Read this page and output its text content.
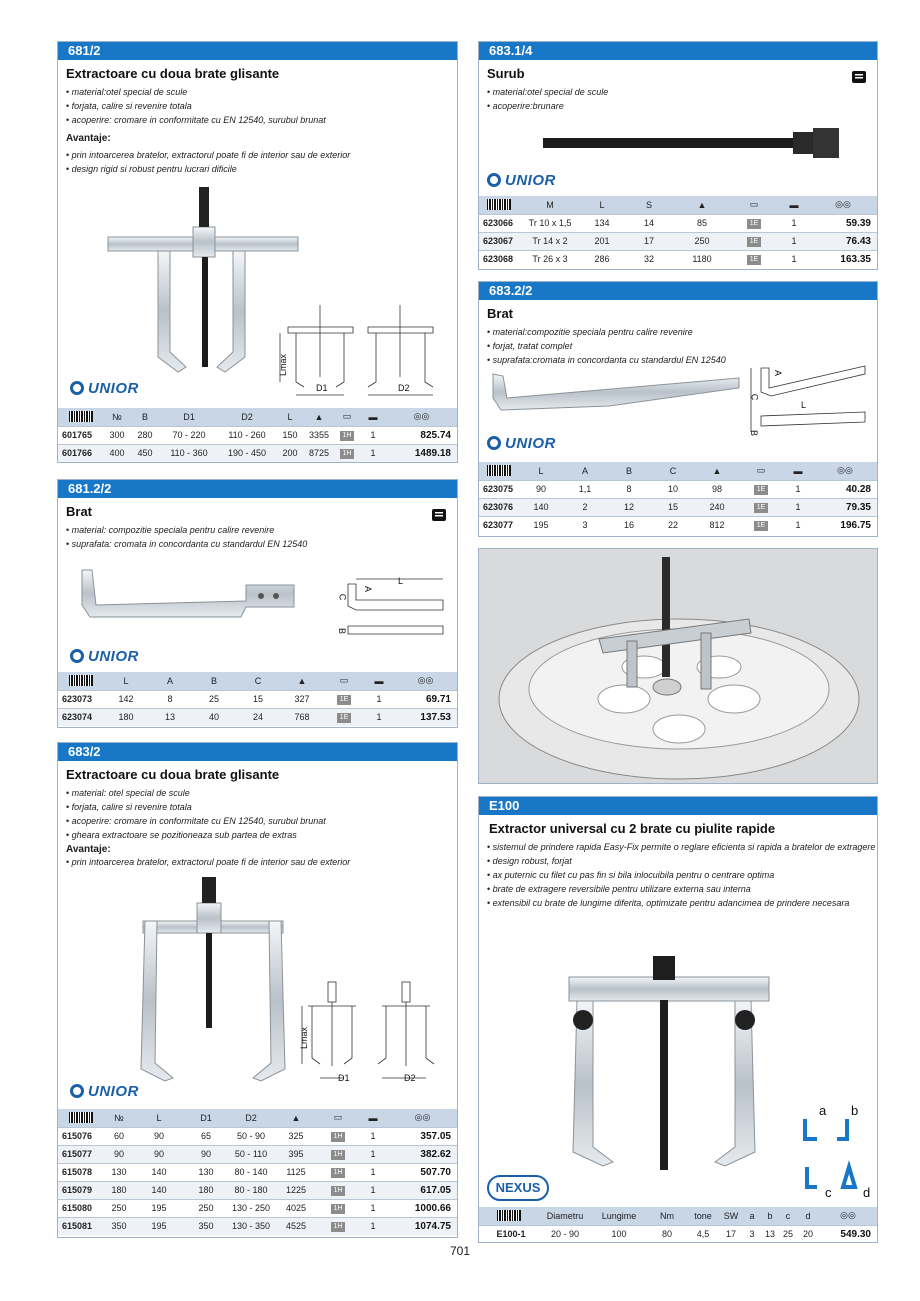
681/2
Extractoare cu doua brate glisante
• material:otel special de scule
• forjata, calire si revenire totala
• acoperire: cromare in conformitate cu EN 12540, surubul brunat
Avantaje:
• prin intoarcerea bratelor, extractorul poate fi de interior sau de exterior
• design rigid si robust pentru lucrari dificile
Lmax
D1	D2
UNIOR
	№	B	D1	D2	L	▲	▭	▬	◎◎
601765	300	280	70 - 220	110 - 260	150	3355	1H	1	825.74
601766	400	450	110 - 360	190 - 450	200	8725	1H	1	1489.18
681.2/2
Brat
• material: compozitie speciala pentru calire revenire
• suprafata: cromata in concordanta cu standardul EN 12540
L
A
C
B
UNIOR
	L	A	B	C	▲	▭	▬	◎◎
623073	142	8	25	15	327	1E	1	69.71
623074	180	13	40	24	768	1E	1	137.53
683/2
Extractoare cu doua brate glisante
• material: otel special de scule
• forjata, calire si revenire totala
• acoperire: cromare in conformitate cu EN 12540, surubul brunat
• gheara extractoare se pozitioneaza sub partea de extras
Avantaje:
• prin intoarcerea bratelor, extractorul poate fi de interior sau de exterior
Lmax
D1	D2
UNIOR
	№	L	D1	D2	▲	▭	▬	◎◎
615076	60	90	65	50 - 90	325	1H	1	357.05
615077	90	90	90	50 - 110	395	1H	1	382.62
615078	130	140	130	80 - 140	1125	1H	1	507.70
615079	180	140	180	80 - 180	1225	1H	1	617.05
615080	250	195	250	130 - 250	4025	1H	1	1000.66
615081	350	195	350	130 - 350	4525	1H	1	1074.75
683.1/4
Surub
• material:otel special de scule
• acoperire:brunare
UNIOR
	M	L	S	▲	▭	▬	◎◎
623066	Tr 10 x 1,5	134	14	85	1E	1	59.39
623067	Tr 14 x 2	201	17	250	1E	1	76.43
623068	Tr 26 x 3	286	32	1180	1E	1	163.35
683.2/2
Brat
• material:compozitie speciala pentru calire revenire
• forjat, tratat complet
• suprafata:cromata in concordanta cu standardul EN 12540
A
C
L
B
UNIOR
	L	A	B	C	▲	▭	▬	◎◎
623075	90	1,1	8	10	98	1E	1	40.28
623076	140	2	12	15	240	1E	1	79.35
623077	195	3	16	22	812	1E	1	196.75
E100
Extractor universal cu 2 brate cu piulite rapide
• sistemul de prindere rapida Easy-Fix permite o reglare eficienta si rapida a bratelor de extragere
• design robust, forjat
• ax puternic cu filet cu pas fin si bila inlocuibila pentru o centrare optima
• brate de extragere reversibile pentru utilizare externa sau interna
• extensibil cu brate de lungime diferita, optimizate pentru adancimea de prindere necesara
a b
c d
	Diametru	Lungime	Nm	tone	SW	a	b	c	d	◎◎
E100-1	20 - 90	100	80	4,5	17	3	13	25	20	549.30
NEXUS
701
